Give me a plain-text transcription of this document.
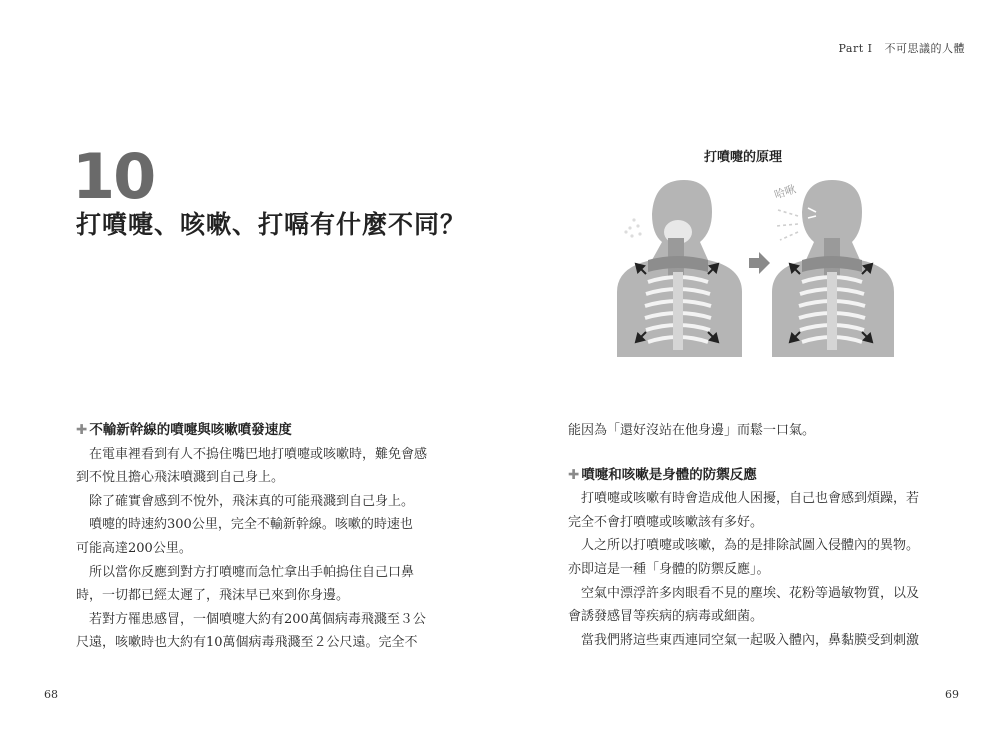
Part I 不可思議的人體
10
打噴嚏、咳嗽、打嗝有什麼不同？
打噴嚏的原理
哈啾

✚ 不輸新幹線的噴嚏與咳嗽噴發速度

在電車裡看到有人不摀住嘴巴地打噴嚏或咳嗽時，難免會感

到不悅且擔心飛沫噴濺到自己身上。

除了確實會感到不悅外，飛沫真的可能飛濺到自己身上。

噴嚏的時速約300公里，完全不輸新幹線。咳嗽的時速也

可能高達200公里。

所以當你反應到對方打噴嚏而急忙拿出手帕摀住自己口鼻

時，一切都已經太遲了，飛沫早已來到你身邊。

若對方罹患感冒，一個噴嚏大約有200萬個病毒飛濺至３公

尺遠，咳嗽時也大約有10萬個病毒飛濺至２公尺遠。完全不

能因為「還好沒站在他身邊」而鬆一口氣。

✚ 噴嚏和咳嗽是身體的防禦反應

打噴嚏或咳嗽有時會造成他人困擾，自己也會感到煩躁，若

完全不會打噴嚏或咳嗽該有多好。

人之所以打噴嚏或咳嗽，為的是排除試圖入侵體內的異物。

亦即這是一種「身體的防禦反應」。

空氣中漂浮許多肉眼看不見的塵埃、花粉等過敏物質，以及

會誘發感冒等疾病的病毒或細菌。

當我們將這些東西連同空氣一起吸入體內，鼻黏膜受到刺激

68	69
